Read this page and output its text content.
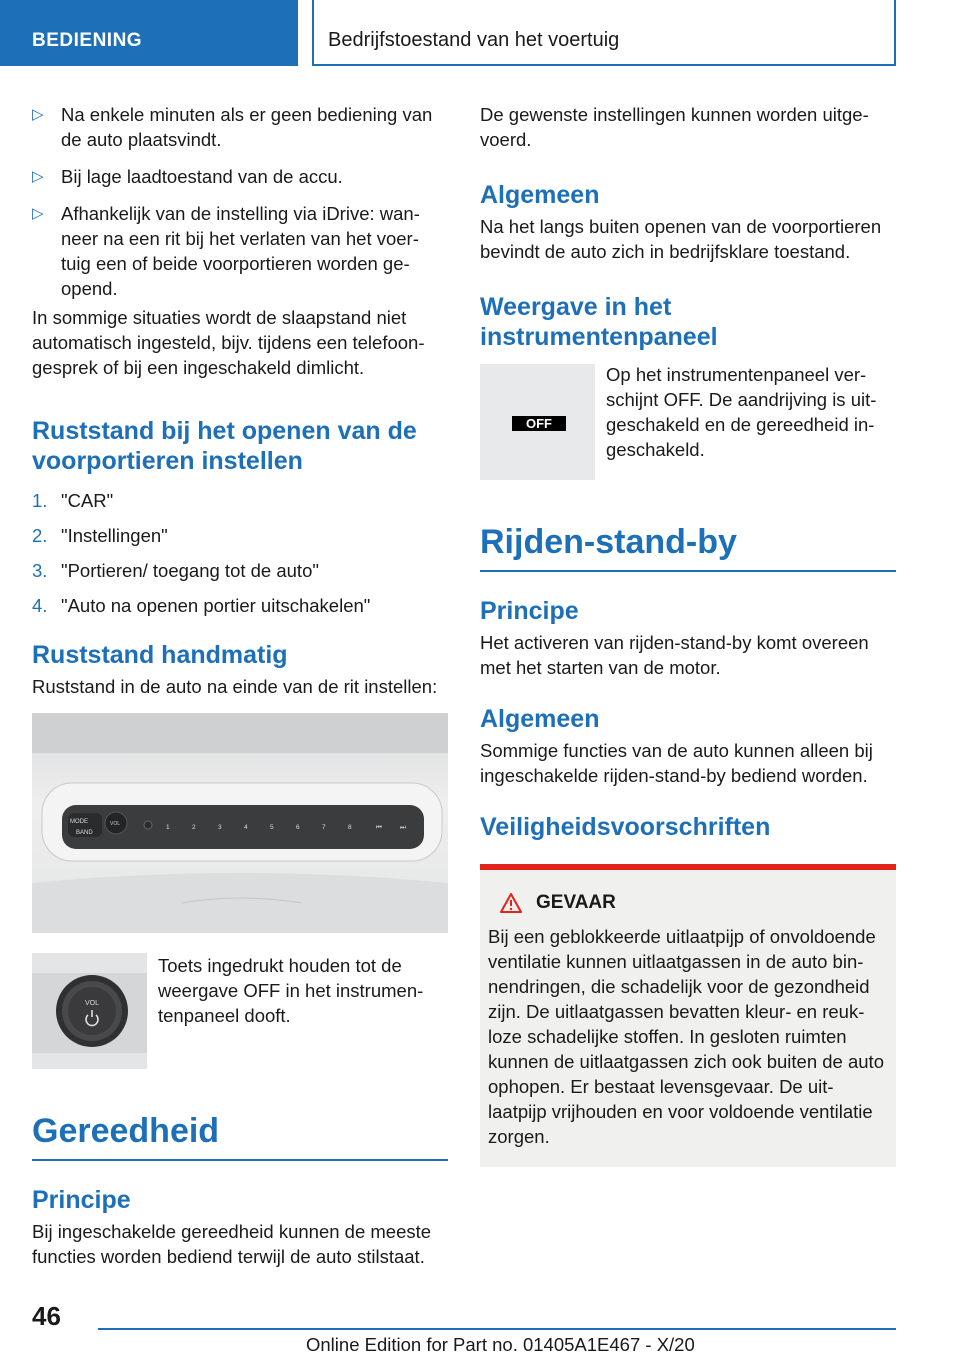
BEDIENING	Bedrijfstoestand van het voertuig
▷ Na enkele minuten als er geen bediening van de auto plaatsvindt.
▷ Bij lage laadtoestand van de accu.
▷ Afhankelijk van de instelling via iDrive: wan-neer na een rit bij het verlaten van het voer-tuig een of beide voorportieren worden ge-opend.

In sommige situaties wordt de slaapstand niet automatisch ingesteld, bijv. tijdens een telefoon-gesprek of bij een ingeschakeld dimlicht.

Ruststand bij het openen van de voorportieren instellen
1. "CAR"
2. "Instellingen"
3. "Portieren/ toegang tot de auto"
4. "Auto na openen portier uitschakelen"
Ruststand handmatig

Ruststand in de auto na einde van de rit instellen:

MODE
BAND
VOL	1	2	3	4	5	6	7	8	⏮	⏭
VOL

Toets ingedrukt houden tot de weergave OFF in het instrumen-tenpaneel dooft.

Gereedheid
Principe

Bij ingeschakelde gereedheid kunnen de meeste functies worden bediend terwijl de auto stilstaat.

De gewenste instellingen kunnen worden uitge-voerd.

Algemeen

Na het langs buiten openen van de voorportieren bevindt de auto zich in bedrijfsklare toestand.

Weergave in het instrumentenpaneel
OFF

Op het instrumentenpaneel ver-schijnt OFF. De aandrijving is uit-geschakeld en de gereedheid in-geschakeld.

Rijden-stand-by
Principe

Het activeren van rijden-stand-by komt overeen met het starten van de motor.

Algemeen

Sommige functies van de auto kunnen alleen bij ingeschakelde rijden-stand-by bediend worden.

Veiligheidsvoorschriften
GEVAAR

Bij een geblokkeerde uitlaatpijp of onvoldoende ventilatie kunnen uitlaatgassen in de auto bin-nendringen, die schadelijk voor de gezondheid zijn. De uitlaatgassen bevatten kleur- en reuk-loze schadelijke stoffen. In gesloten ruimten kunnen de uitlaatgassen zich ook buiten de auto ophopen. Er bestaat levensgevaar. De uit-laatpijp vrijhouden en voor voldoende ventilatie zorgen.

46
Online Edition for Part no. 01405A1E467 - X/20
